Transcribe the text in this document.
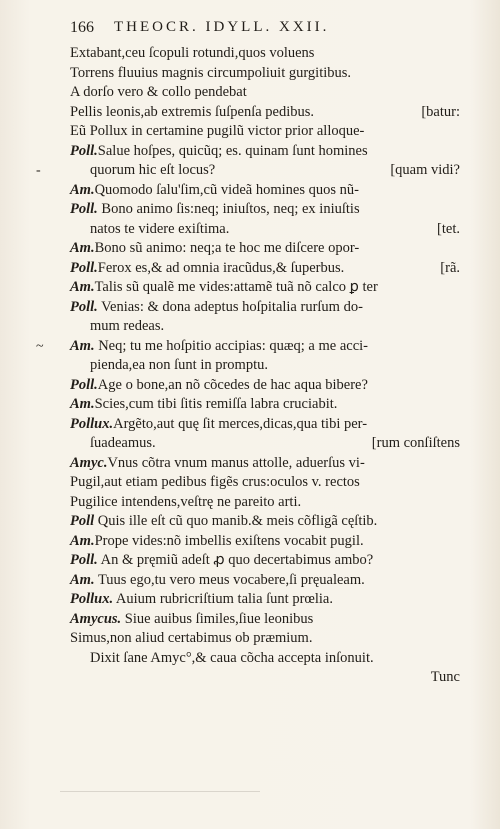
166 THEOCR. IDYLL. XXII.
Extabant,ceu ſcopuli rotundi,quos voluens
Torrens fluuius magnis circumpoliuit gurgitibus.
A dorſo vero & collo pendebat
Pellis leonis,ab extremis ſuſpenſa pedibus.	[batur:
Eũ Pollux in certamine pugilũ victor prior alloque-
Poll.Salue hoſpes, quicũq; es. quinam ſunt homines
-	quorum hic eſt locus?	[quam vidi?
Am.Quomodo ſalu'ſim,cũ videã homines quos nũ-
Poll. Bono animo ſis:neq; iniuſtos, neq; ex iniuſtis
natos te videre exiſtima.	[tet.
Am.Bono sũ animo: neq;a te hoc me diſcere opor-
Poll.Ferox es,& ad omnia iracũdus,& ſuperbus.	[rã.
Am.Talis sũ qualẽ me vides:attamẽ tuã nõ calco ꝑ ter
Poll. Venias: & dona adeptus hoſpitalia rurſum do-
mum redeas.
~ Am. Neq; tu me hoſpitio accipias: quæq; a me acci-
pienda,ea non ſunt in promptu.
Poll.Age o bone,an nõ cõcedes de hac aqua bibere?
Am.Scies,cum tibi ſitis remiſſa labra cruciabit.
Pollux.Argẽto,aut quę ſit merces,dicas,qua tibi per-
ſuadeamus.	[rum conſiſtens
Amyc.Vnus cõtra vnum manus attolle, aduerſus vi-
Pugil,aut etiam pedibus figẽs crus:oculos v. rectos
Pugilice intendens,veſtrę ne pareito arti.
Poll Quis ille eſt cũ quo manib.& meis cõfligã cęſtib.
Am.Prope vides:nõ imbellis exiſtens vocabit pugil.
Poll. An & pręmiũ adeſt ꝓ quo decertabimus ambo?
Am. Tuus ego,tu vero meus vocabere,ſi pręualeam.
Pollux. Auium rubricriſtium talia ſunt prœlia.
Amycus. Siue auibus ſimiles,ſiue leonibus
Simus,non aliud certabimus ob præmium.
Dixit ſane Amyc°,& caua cõcha accepta inſonuit.
Tunc
